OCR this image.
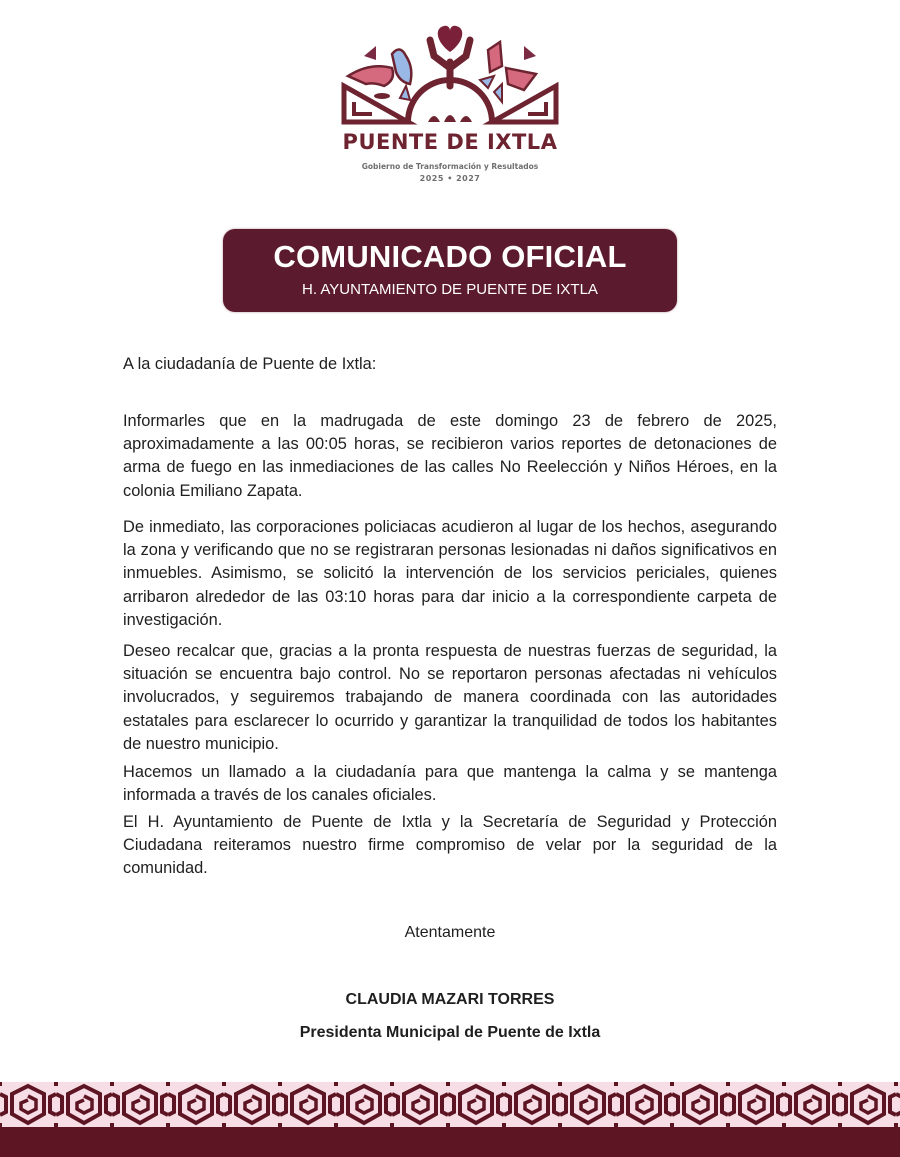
PUENTE DE IXTLA
Gobierno de Transformación y Resultados
2025 • 2027
COMUNICADO OFICIAL
H. AYUNTAMIENTO DE PUENTE DE IXTLA
A la ciudadanía de Puente de Ixtla:
Informarles que en la madrugada de este domingo 23 de febrero de 2025, aproximadamente a las 00:05 horas, se recibieron varios reportes de detonaciones de arma de fuego en las inmediaciones de las calles No Reelección y Niños Héroes, en la colonia Emiliano Zapata.
De inmediato, las corporaciones policiacas acudieron al lugar de los hechos, asegurando la zona y verificando que no se registraran personas lesionadas ni daños significativos en inmuebles. Asimismo, se solicitó la intervención de los servicios periciales, quienes arribaron alrededor de las 03:10 horas para dar inicio a la correspondiente carpeta de investigación.
Deseo recalcar que, gracias a la pronta respuesta de nuestras fuerzas de seguridad, la situación se encuentra bajo control. No se reportaron personas afectadas ni vehículos involucrados, y seguiremos trabajando de manera coordinada con las autoridades estatales para esclarecer lo ocurrido y garantizar la tranquilidad de todos los habitantes de nuestro municipio.
Hacemos un llamado a la ciudadanía para que mantenga la calma y se mantenga informada a través de los canales oficiales.
El H. Ayuntamiento de Puente de Ixtla y la Secretaría de Seguridad y Protección Ciudadana reiteramos nuestro firme compromiso de velar por la seguridad de la comunidad.
Atentamente
CLAUDIA MAZARI TORRES
Presidenta Municipal de Puente de Ixtla
